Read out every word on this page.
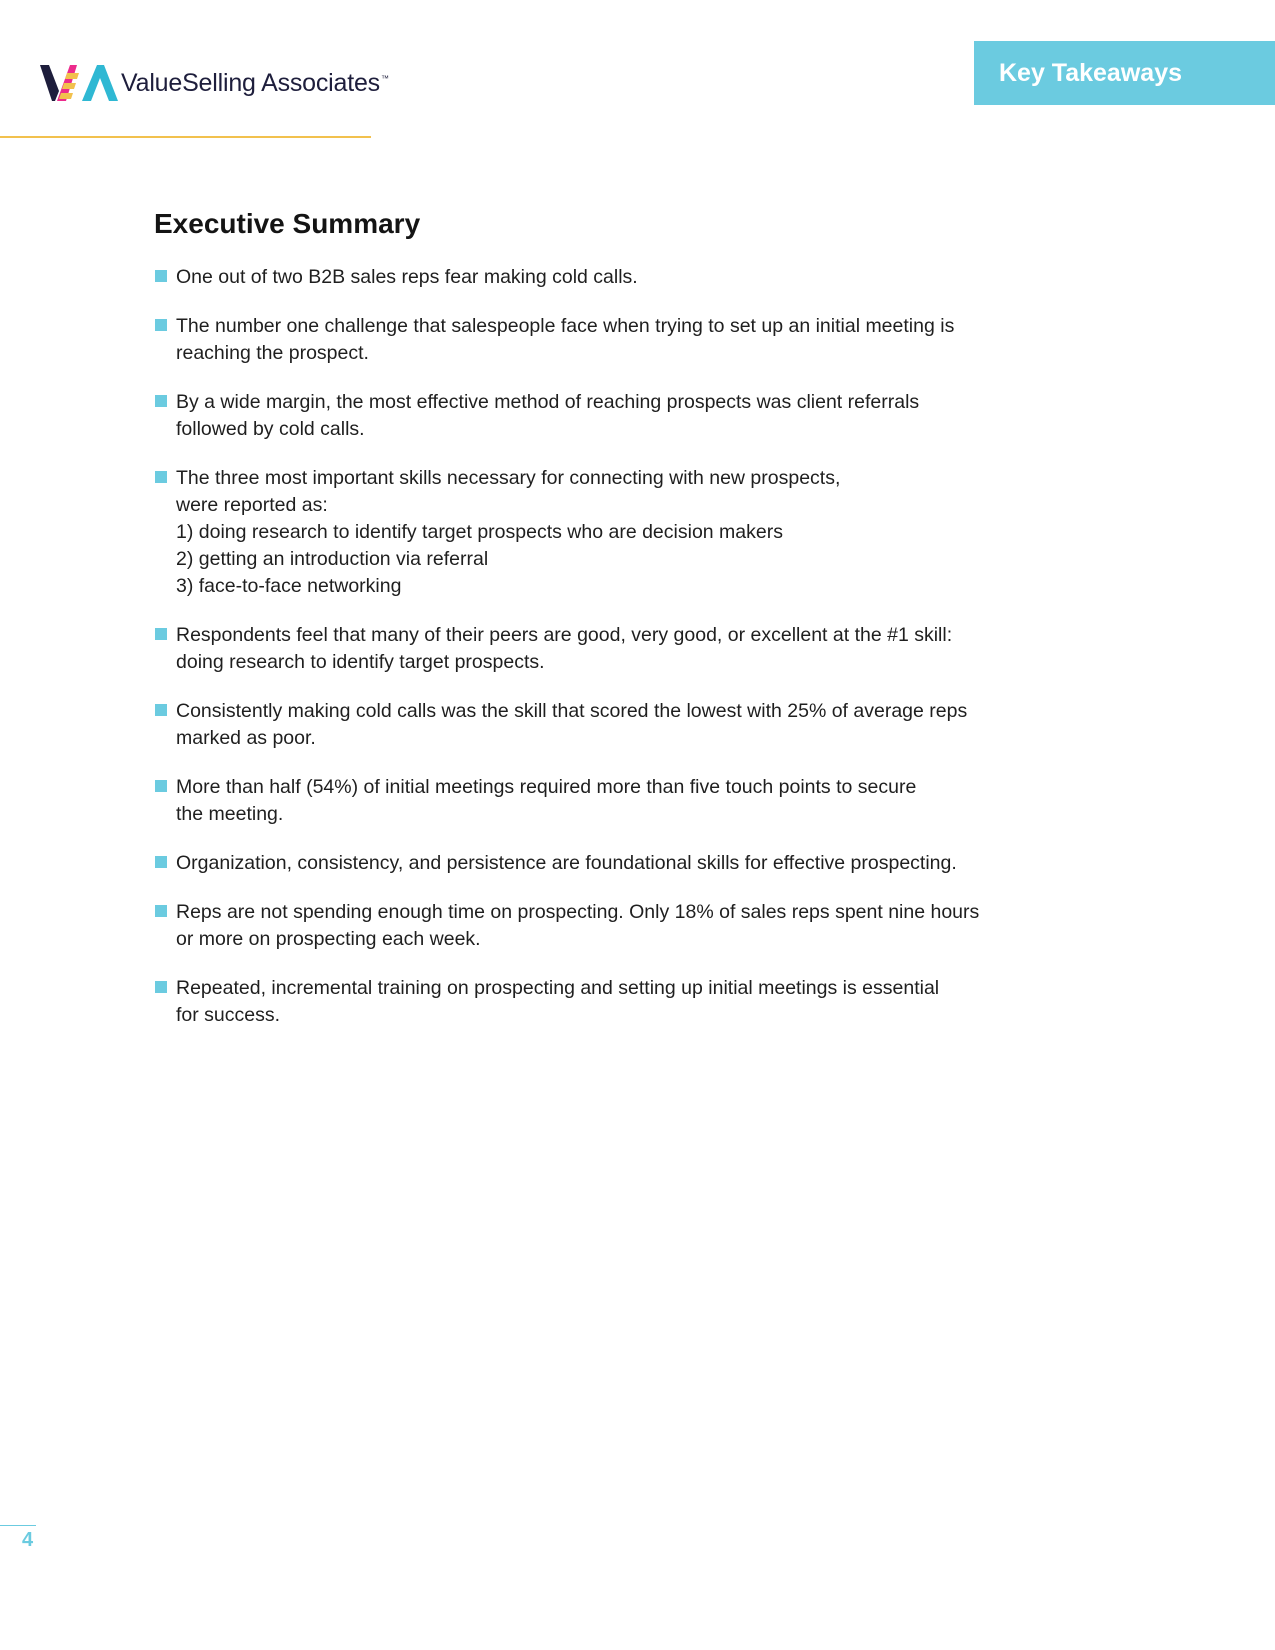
ValueSelling Associates™	Key Takeaways
Executive Summary
One out of two B2B sales reps fear making cold calls.
The number one challenge that salespeople face when trying to set up an initial meeting is
reaching the prospect.
By a wide margin, the most effective method of reaching prospects was client referrals
followed by cold calls.
The three most important skills necessary for connecting with new prospects,
were reported as:
1) doing research to identify target prospects who are decision makers
2) getting an introduction via referral
3) face-to-face networking
Respondents feel that many of their peers are good, very good, or excellent at the #1 skill:
doing research to identify target prospects.
Consistently making cold calls was the skill that scored the lowest with 25% of average reps
marked as poor.
More than half (54%) of initial meetings required more than five touch points to secure
the meeting.
Organization, consistency, and persistence are foundational skills for effective prospecting.
Reps are not spending enough time on prospecting. Only 18% of sales reps spent nine hours
or more on prospecting each week.
Repeated, incremental training on prospecting and setting up initial meetings is essential
for success.
4
